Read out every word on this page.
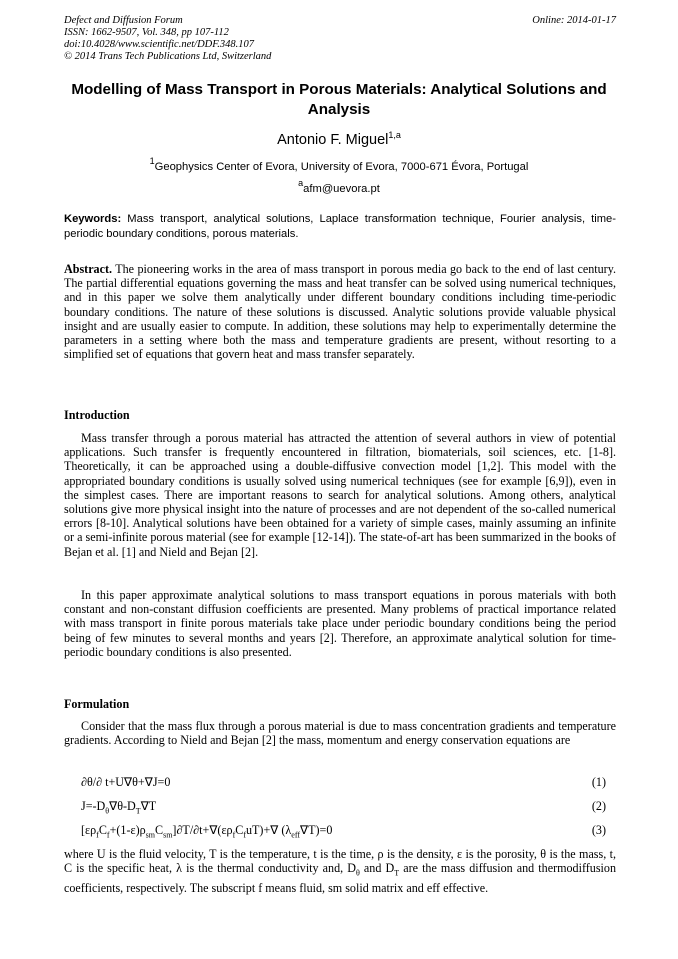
Defect and Diffusion Forum
ISSN: 1662-9507, Vol. 348, pp 107-112
doi:10.4028/www.scientific.net/DDF.348.107
© 2014 Trans Tech Publications Ltd, Switzerland
Online: 2014-01-17
Modelling of Mass Transport in Porous Materials: Analytical Solutions and Analysis
Antonio F. Miguel$^{1,a}$
$^1$Geophysics Center of Evora, University of Evora, 7000-671 Évora, Portugal
$^a$afm@uevora.pt
Keywords: Mass transport, analytical solutions, Laplace transformation technique, Fourier analysis, time-periodic boundary conditions, porous materials.
Abstract. The pioneering works in the area of mass transport in porous media go back to the end of last century. The partial differential equations governing the mass and heat transfer can be solved using numerical techniques, and in this paper we solve them analytically under different boundary conditions including time-periodic boundary conditions. The nature of these solutions is discussed. Analytic solutions provide valuable physical insight and are usually easier to compute. In addition, these solutions may help to experimentally determine the parameters in a setting where both the mass and temperature gradients are present, without resorting to a simplified set of equations that govern heat and mass transfer separately.
Introduction
Mass transfer through a porous material has attracted the attention of several authors in view of potential applications. Such transfer is frequently encountered in filtration, biomaterials, soil sciences, etc. [1-8]. Theoretically, it can be approached using a double-diffusive convection model [1,2]. This model with the appropriated boundary conditions is usually solved using numerical techniques (see for example [6,9]), even in the simplest cases. There are important reasons to search for analytical solutions. Among others, analytical solutions give more physical insight into the nature of processes and are not dependent of the so-called numerical errors [8-10]. Analytical solutions have been obtained for a variety of simple cases, mainly assuming an infinite or a semi-infinite porous material (see for example [12-14]). The state-of-art has been summarized in the books of Bejan et al. [1] and Nield and Bejan [2].
In this paper approximate analytical solutions to mass transport equations in porous materials with both constant and non-constant diffusion coefficients are presented. Many problems of practical importance related with mass transport in finite porous materials take place under periodic boundary conditions being the period being of few minutes to several months and years [2]. Therefore, an approximate analytical solution for time-periodic boundary conditions is also presented.
Formulation
Consider that the mass flux through a porous material is due to mass concentration gradients and temperature gradients. According to Nield and Bejan [2] the mass, momentum and energy conservation equations are
∂θ/∂ t+U∇θ+∇J=0	(1)
$J=-D_\theta\nabla\theta-D_T\nabla T$	(2)
$[\varepsilon\rho_fC_f+(1-\varepsilon)\rho_{sm}C_{sm}]\partial T/\partial t+\nabla(\varepsilon\rho_fC_fuT)+\nabla$ $(\lambda_{eff}\nabla T)=0$	(3)
where U is the fluid velocity, T is the temperature, t is the time, ρ is the density, ε is the porosity, θ is the mass, t, C is the specific heat, λ is the thermal conductivity and, $D_\theta$ and $D_T$ are the mass diffusion and thermodiffusion coefficients, respectively. The subscript f means fluid, sm solid matrix and eff effective.
